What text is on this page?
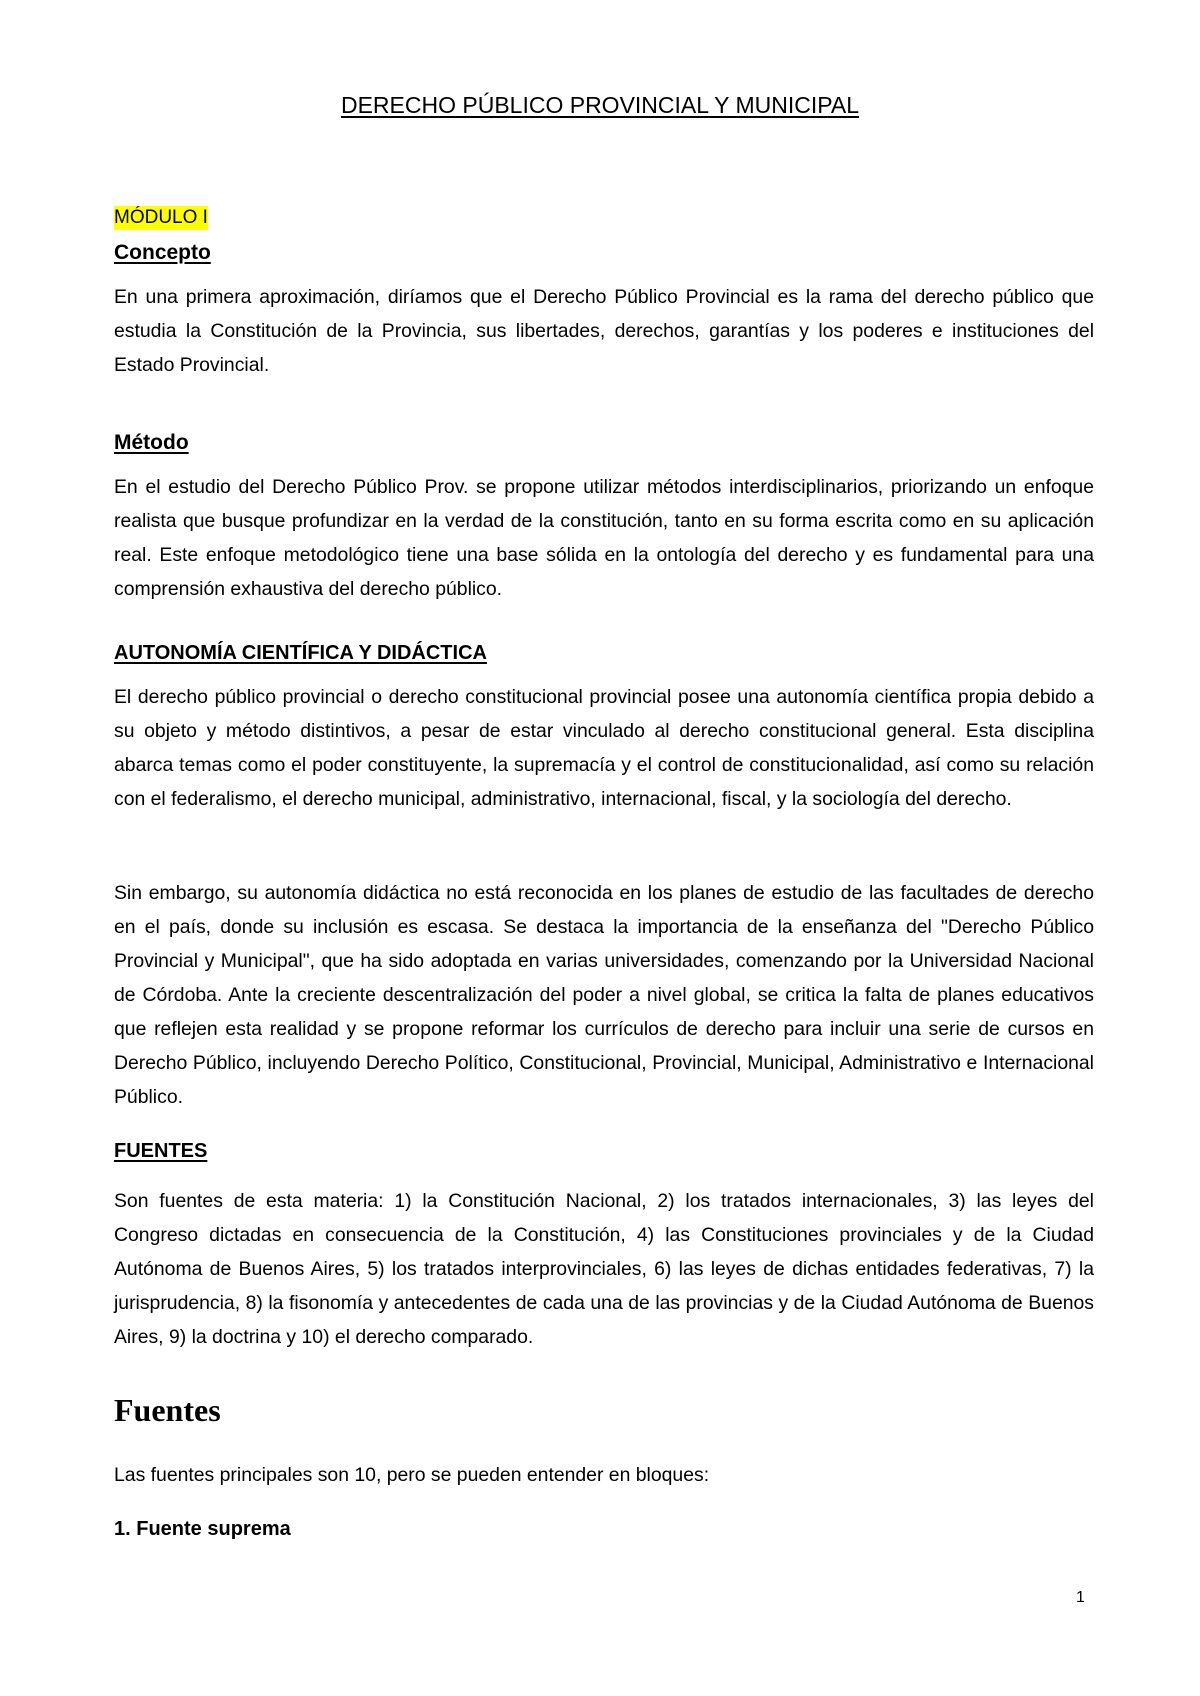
DERECHO PÚBLICO PROVINCIAL Y MUNICIPAL
MÓDULO I
Concepto

En una primera aproximación, diríamos que el Derecho Público Provincial es la rama del derecho público que estudia la Constitución de la Provincia, sus libertades, derechos, garantías y los poderes e instituciones del Estado Provincial.

Método

En el estudio del Derecho Público Prov. se propone utilizar métodos interdisciplinarios, priorizando un enfoque realista que busque profundizar en la verdad de la constitución, tanto en su forma escrita como en su aplicación real. Este enfoque metodológico tiene una base sólida en la ontología del derecho y es fundamental para una comprensión exhaustiva del derecho público.

AUTONOMÍA CIENTÍFICA Y DIDÁCTICA

El derecho público provincial o derecho constitucional provincial posee una autonomía científica propia debido a su objeto y método distintivos, a pesar de estar vinculado al derecho constitucional general. Esta disciplina abarca temas como el poder constituyente, la supremacía y el control de constitucionalidad, así como su relación con el federalismo, el derecho municipal, administrativo, internacional, fiscal, y la sociología del derecho.

Sin embargo, su autonomía didáctica no está reconocida en los planes de estudio de las facultades de derecho en el país, donde su inclusión es escasa. Se destaca la importancia de la enseñanza del "Derecho Público Provincial y Municipal", que ha sido adoptada en varias universidades, comenzando por la Universidad Nacional de Córdoba. Ante la creciente descentralización del poder a nivel global, se critica la falta de planes educativos que reflejen esta realidad y se propone reformar los currículos de derecho para incluir una serie de cursos en Derecho Público, incluyendo Derecho Político, Constitucional, Provincial, Municipal, Administrativo e Internacional Público.

FUENTES

Son fuentes de esta materia: 1) la Constitución Nacional, 2) los tratados internacionales, 3) las leyes del Congreso dictadas en consecuencia de la Constitución, 4) las Constituciones provinciales y de la Ciudad Autónoma de Buenos Aires, 5) los tratados interprovinciales, 6) las leyes de dichas entidades federativas, 7) la jurisprudencia, 8) la fisonomía y antecedentes de cada una de las provincias y de la Ciudad Autónoma de Buenos Aires, 9) la doctrina y 10) el derecho comparado.

Fuentes

Las fuentes principales son 10, pero se pueden entender en bloques:

1. Fuente suprema
1
